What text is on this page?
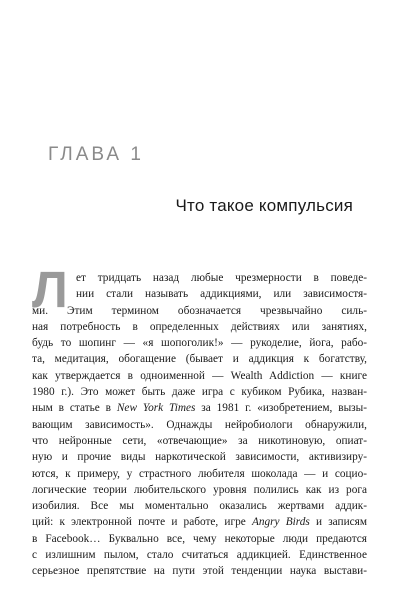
ГЛАВА 1
Что такое компульсия
Л ет тридцать назад любые чрезмерности в поведе-
нии стали называть аддикциями, или зависимостя-
ми. Этим термином обозначается чрезвычайно силь-
ная потребность в определенных действиях или занятиях,
будь то шопинг — «я шопоголик!» — рукоделие, йога, рабо-
та, медитация, обогащение (бывает и аддикция к богатству,
как утверждается в одноименной — Wealth Addiction — книге
1980 г.). Это может быть даже игра с кубиком Рубика, назван-
ным в статье в New York Times за 1981 г. «изобретением, вызы-
вающим зависимость». Однажды нейробиологи обнаружили,
что нейронные сети, «отвечающие» за никотиновую, опиат-
ную и прочие виды наркотической зависимости, активизиру-
ются, к примеру, у страстного любителя шоколада — и социо-
логические теории любительского уровня полились как из рога
изобилия. Все мы моментально оказались жертвами аддик-
ций: к электронной почте и работе, игре Angry Birds и записям
в Facebook… Буквально все, чему некоторые люди предаются
с излишним пылом, стало считаться аддикцией. Единственное
серьезное препятствие на пути этой тенденции наука выстави-
